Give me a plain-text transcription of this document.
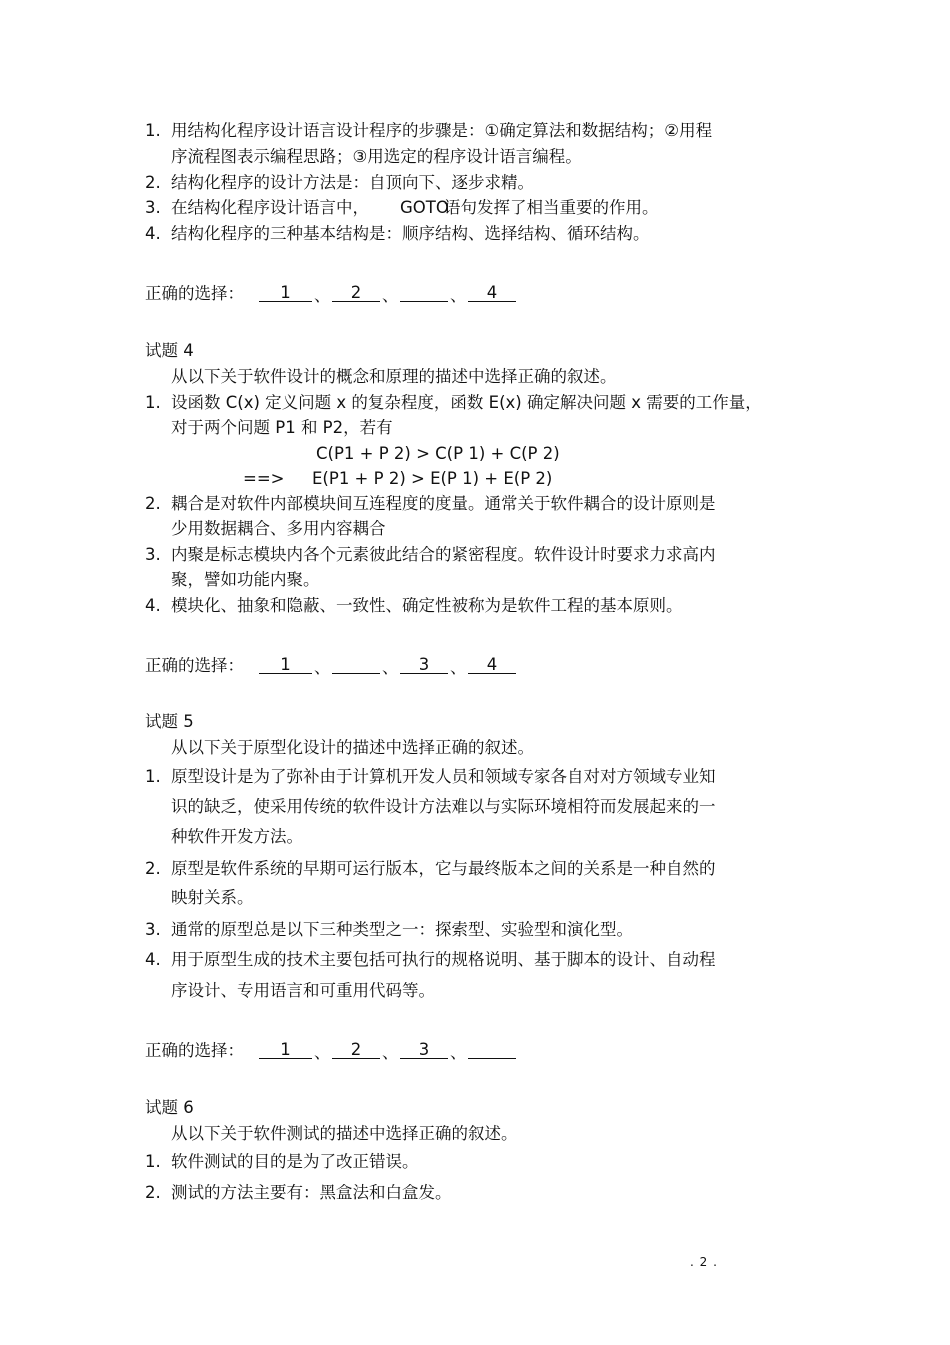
1. 用结构化程序设计语言设计程序的步骤是：①确定算法和数据结构；②用程
序流程图表示编程思路；③用选定的程序设计语言编程。
2. 结构化程序的设计方法是：自顶向下、逐步求精。
3. 在结构化程序设计语言中， GOTO
语句发挥了相当重要的作用。
4. 结构化程序的三种基本结构是：顺序结构、选择结构、循环结构。
正确的选择：	1	、	2	、	、	4
试题 4
从以下关于软件设计的概念和原理的描述中选择正确的叙述。
1. 设函数 C(x) 定义问题 x 的复杂程度，函数 E(x) 确定解决问题 x 需要的工作量，
对于两个问题 P1 和 P2，若有
C(P1 + P 2) > C(P 1) + C(P 2)
==> E(P1 + P 2) > E(P 1) + E(P 2)
2. 耦合是对软件内部模块间互连程度的度量。通常关于软件耦合的设计原则是
少用数据耦合、多用内容耦合
3. 内聚是标志模块内各个元素彼此结合的紧密程度。软件设计时要求力求高内
聚，譬如功能内聚。
4. 模块化、抽象和隐蔽、一致性、确定性被称为是软件工程的基本原则。
正确的选择：	1	、	、	3	、	4
试题 5
从以下关于原型化设计的描述中选择正确的叙述。
1. 原型设计是为了弥补由于计算机开发人员和领域专家各自对对方领域专业知
识的缺乏，使采用传统的软件设计方法难以与实际环境相符而发展起来的一
种软件开发方法。
2. 原型是软件系统的早期可运行版本，它与最终版本之间的关系是一种自然的
映射关系。
3. 通常的原型总是以下三种类型之一：探索型、实验型和演化型。
4. 用于原型生成的技术主要包括可执行的规格说明、基于脚本的设计、自动程
序设计、专用语言和可重用代码等。
正确的选择：	1	、	2	、	3	、
试题 6
从以下关于软件测试的描述中选择正确的叙述。
1. 软件测试的目的是为了改正错误。
2. 测试的方法主要有：黑盒法和白盒发。
. 2 .
